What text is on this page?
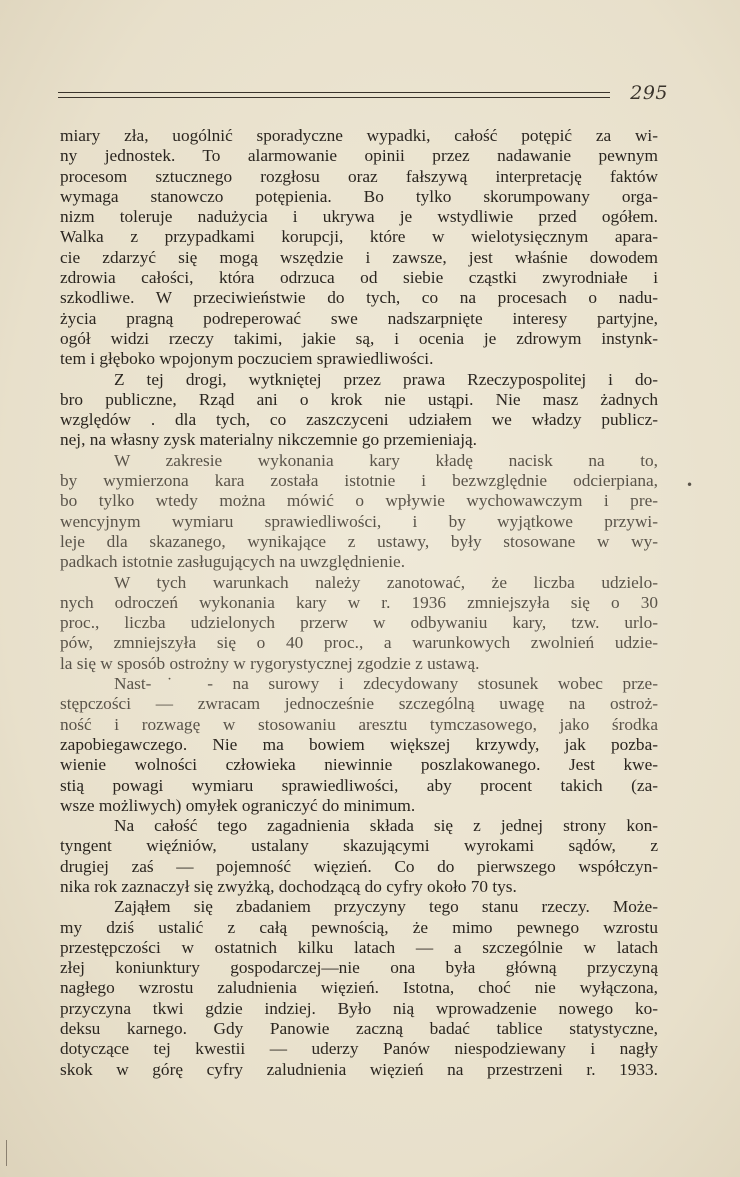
295
miary zła, uogólnić sporadyczne wypadki, całość potępić za wi-
ny jednostek. To alarmowanie opinii przez nadawanie pewnym
procesom sztucznego rozgłosu oraz fałszywą interpretację faktów
wymaga stanowczo potępienia. Bo tylko skorumpowany orga-
nizm toleruje nadużycia i ukrywa je wstydliwie przed ogółem.
Walka z przypadkami korupcji, które w wielotysięcznym apara-
cie zdarzyć się mogą wszędzie i zawsze, jest właśnie dowodem
zdrowia całości, która odrzuca od siebie cząstki zwyrodniałe i
szkodliwe. W przeciwieństwie do tych, co na procesach o nadu-
życia pragną podreperować swe nadszarpnięte interesy partyjne,
ogół widzi rzeczy takimi, jakie są, i ocenia je zdrowym instynk-
tem i głęboko wpojonym poczuciem sprawiedliwości.
Z tej drogi, wytkniętej przez prawa Rzeczypospolitej i do-
bro publiczne, Rząd ani o krok nie ustąpi. Nie masz żadnych
względów . dla tych, co zaszczyceni udziałem we władzy publicz-
nej, na własny zysk materialny nikczemnie go przemieniają.
W zakresie wykonania kary kładę nacisk na to,
by wymierzona kara została istotnie i bezwzględnie odcierpiana,
bo tylko wtedy można mówić o wpływie wychowawczym i pre-
wencyjnym wymiaru sprawiedliwości, i by wyjątkowe przywi-
leje dla skazanego, wynikające z ustawy, były stosowane w wy-
padkach istotnie zasługujących na uwzględnienie.
W tych warunkach należy zanotować, że liczba udzielo-
nych odroczeń wykonania kary w r. 1936 zmniejszyła się o 30
proc., liczba udzielonych przerw w odbywaniu kary, tzw. urlo-
pów, zmniejszyła się o 40 proc., a warunkowych zwolnień udzie-
la się w sposób ostrożny w rygorystycznej zgodzie z ustawą.
Nast-˙ - na surowy i zdecydowany stosunek wobec prze-
stępczości — zwracam jednocześnie szczególną uwagę na ostroż-
ność i rozwagę w stosowaniu aresztu tymczasowego, jako środka
zapobiegawczego. Nie ma bowiem większej krzywdy, jak pozba-
wienie wolności człowieka niewinnie poszlakowanego. Jest kwe-
stią powagi wymiaru sprawiedliwości, aby procent takich (za-
wsze możliwych) omyłek ograniczyć do minimum.
Na całość tego zagadnienia składa się z jednej strony kon-
tyngent więźniów, ustalany skazującymi wyrokami sądów, z
drugiej zaś — pojemność więzień. Co do pierwszego współczyn-
nika rok zaznaczył się zwyżką, dochodzącą do cyfry około 70 tys.
Zająłem się zbadaniem przyczyny tego stanu rzeczy. Może-
my dziś ustalić z całą pewnością, że mimo pewnego wzrostu
przestępczości w ostatnich kilku latach — a szczególnie w latach
złej koniunktury gospodarczej—nie ona była główną przyczyną
nagłego wzrostu zaludnienia więzień. Istotna, choć nie wyłączona,
przyczyna tkwi gdzie indziej. Było nią wprowadzenie nowego ko-
deksu karnego. Gdy Panowie zaczną badać tablice statystyczne,
dotyczące tej kwestii — uderzy Panów niespodziewany i nagły
skok w górę cyfry zaludnienia więzień na przestrzeni r. 1933.
•
